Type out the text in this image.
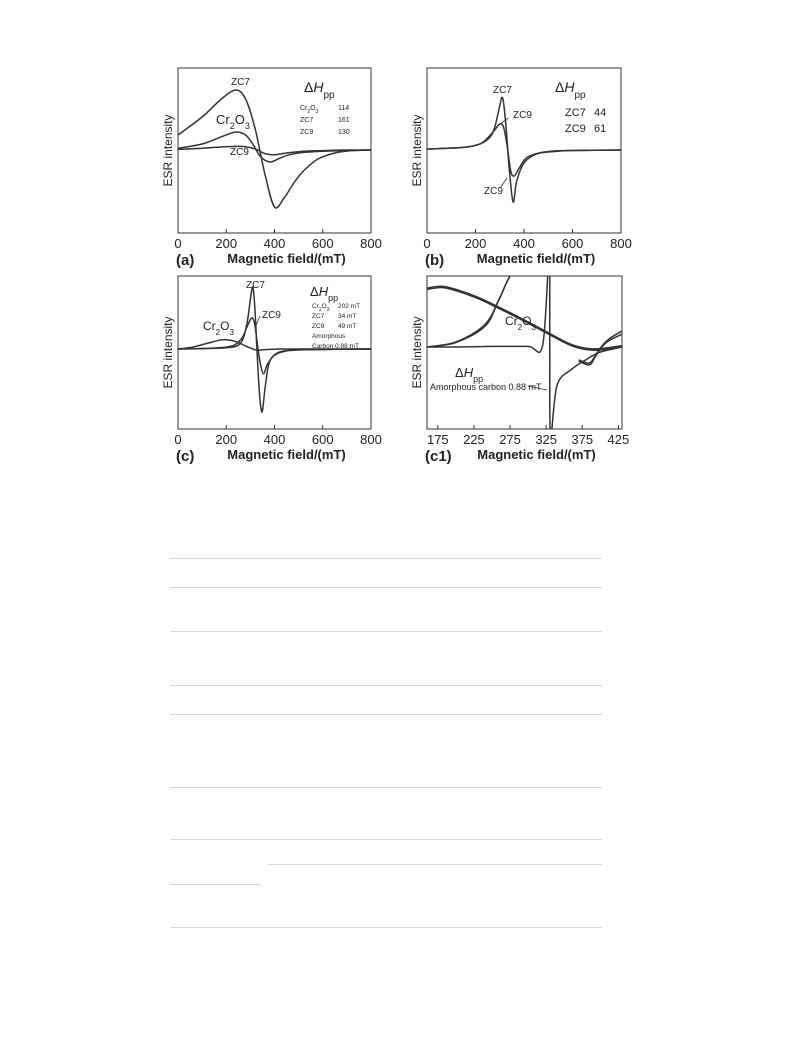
0	200 400 600 800
Magnetic field/(mT)
ESR intensity
(a)
ZC7
$Cr_2O_3$
ZC9
$\Delta H_{pp}$
$Cr_2O_3$	114
ZC7	161
ZC9	130
0	200 400 600 800
Magnetic field/(mT)
ESR intensity
(b)
ZC7
ZC9
ZC9
$\Delta H_{pp}$
ZC7 44
ZC9 61
0	200 400 600 800
Magnetic field/(mT)
ESR intensity
(c)
ZC7
ZC9
$Cr_2O_3$
$\Delta H_{pp}$
$Cr_2O_3$ 202 mT
ZC7 34 mT
ZC9 49 mT
Amorphous
Carbon 0.88 mT
175 225 275 325 375 425
Magnetic field/(mT)
ESR intensity
(c1)
$Cr_2O_3$
$\Delta H_{pp}$
Amorphous carbon 0.88 mT
